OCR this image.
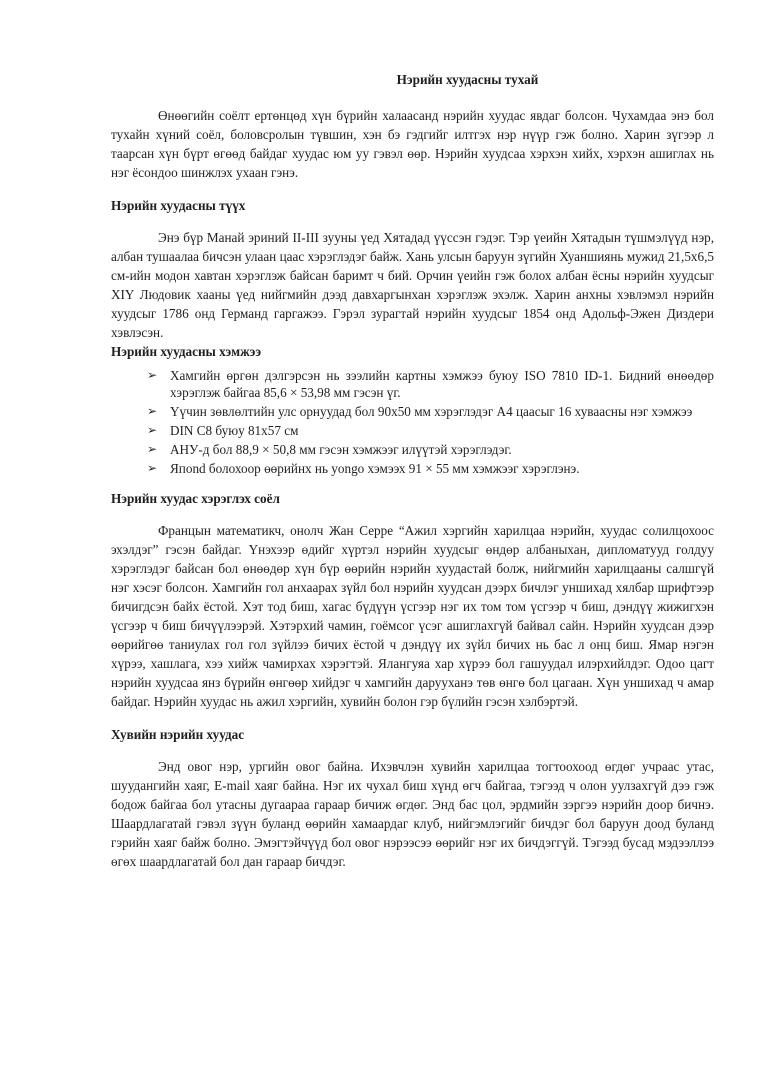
Нэрийн хуудасны тухай

Өнөөгийн соёлт ертөнцөд хүн бүрийн халаасанд нэрийн хуудас явдаг болсон. Чухамдаа энэ бол тухайн хүний соёл, боловсролын түвшин, хэн бэ гэдгийг илтгэх нэр нүүр гэж болно. Харин зүгээр л таарсан хүн бүрт өгөөд байдаг хуудас юм уу гэвэл өөр. Нэрийн хуудсаа хэрхэн хийх, хэрхэн ашиглах нь нэг ёсондоо шинжлэх ухаан гэнэ.

Нэрийн хуудасны түүх

Энэ бүр Манай эриний II-III зууны үед Хятадад үүссэн гэдэг. Тэр үеийн Хятадын түшмэлүүд нэр, албан тушаалаа бичсэн улаан цаас хэрэглэдэг байж. Хань улсын баруун зүгийн Хуаншиянь мужид 21,5х6,5 см-ийн модон хавтан хэрэглэж байсан баримт ч бий. Орчин үеийн гэж болох албан ёсны нэрийн хуудсыг XIY Людовик хааны үед нийгмийн дээд давхаргынхан хэрэглэж эхэлж. Харин анхны хэвлэмэл нэрийн хуудсыг 1786 онд Германд гаргажээ. Гэрэл зурагтай нэрийн хуудсыг 1854 онд Адольф-Эжен Диздери хэвлэсэн.

Нэрийн хуудасны хэмжээ
➢ Хамгийн өргөн дэлгэрсэн нь зээлийн картны хэмжээ буюу ISO 7810 ID-1. Бидний өнөөдөр хэрэглэж байгаа 85,6 × 53,98 мм гэсэн үг.
➢ Үүчин зөвлөлтийн улс орнуудад бол 90х50 мм хэрэглэдэг А4 цаасыг 16 хуваасны нэг хэмжээ
➢ DIN C8 буюу 81х57 см
➢ АНУ-д бол 88,9 × 50,8 мм гэсэн хэмжээг илүүтэй хэрэглэдэг.
➢ Япond болохоор өөрийнх нь yongo хэмээх 91 × 55 мм хэмжээг хэрэглэнэ.
Нэрийн хуудас хэрэглэх соёл

Францын математикч, онолч Жан Серре “Ажил хэргийн харилцаа нэрийн, хуудас солилцохоос эхэлдэг” гэсэн байдаг. Үнэхээр өдийг хүртэл нэрийн хуудсыг өндөр албаныхан, дипломатууд голдуу хэрэглэдэг байсан бол өнөөдөр хүн бүр өөрийн нэрийн хуудастай болж, нийгмийн харилцааны салшгүй нэг хэсэг болсон. Хамгийн гол анхаарах зүйл бол нэрийн хуудсан дээрх бичлэг уншихад хялбар шрифтээр бичигдсэн байх ёстой. Хэт тод биш, хагас бүдүүн үсгээр нэг их том том үсгээр ч биш, дэндүү жижигхэн үсгээр ч биш бичүүлээрэй. Хэтэрхий чамин, гоёмсог үсэг ашиглахгүй байвал сайн. Нэрийн хуудсан дээр өөрийгөө таниулах гол гол зүйлээ бичих ёстой ч дэндүү их зүйл бичих нь бас л онц биш. Ямар нэгэн хүрээ, хашлага, хээ хийж чамирхах хэрэгтэй. Ялангуяа хар хүрээ бол гашуудал илэрхийлдэг. Одоо цагт нэрийн хуудсаа янз бүрийн өнгөөр хийдэг ч хамгийн дарууханэ төв өнгө бол цагаан. Хүн уншихад ч амар байдаг. Нэрийн хуудас нь ажил хэргийн, хувийн болон гэр бүлийн гэсэн хэлбэртэй.

Хувийн нэрийн хуудас

Энд овог нэр, ургийн овог байна. Ихэвчлэн хувийн харилцаа тогтоохоод өгдөг учраас утас, шуудангийн хаяг, E-mail хаяг байна. Нэг их чухал биш хүнд өгч байгаа, тэгээд ч олон уулзахгүй дээ гэж бодож байгаа бол утасны дугаараа гараар бичиж өгдөг. Энд бас цол, эрдмийн зэргээ нэрийн доор бичнэ. Шаардлагатай гэвэл зүүн буланд өөрийн хамаардаг клуб, нийгэмлэгийг бичдэг бол баруун доод буланд гэрийн хаяг байж болно. Эмэгтэйчүүд бол овог нэрээсээ өөрийг нэг их бичдэггүй. Тэгээд бусад мэдээллээ өгөх шаардлагатай бол дан гараар бичдэг.
